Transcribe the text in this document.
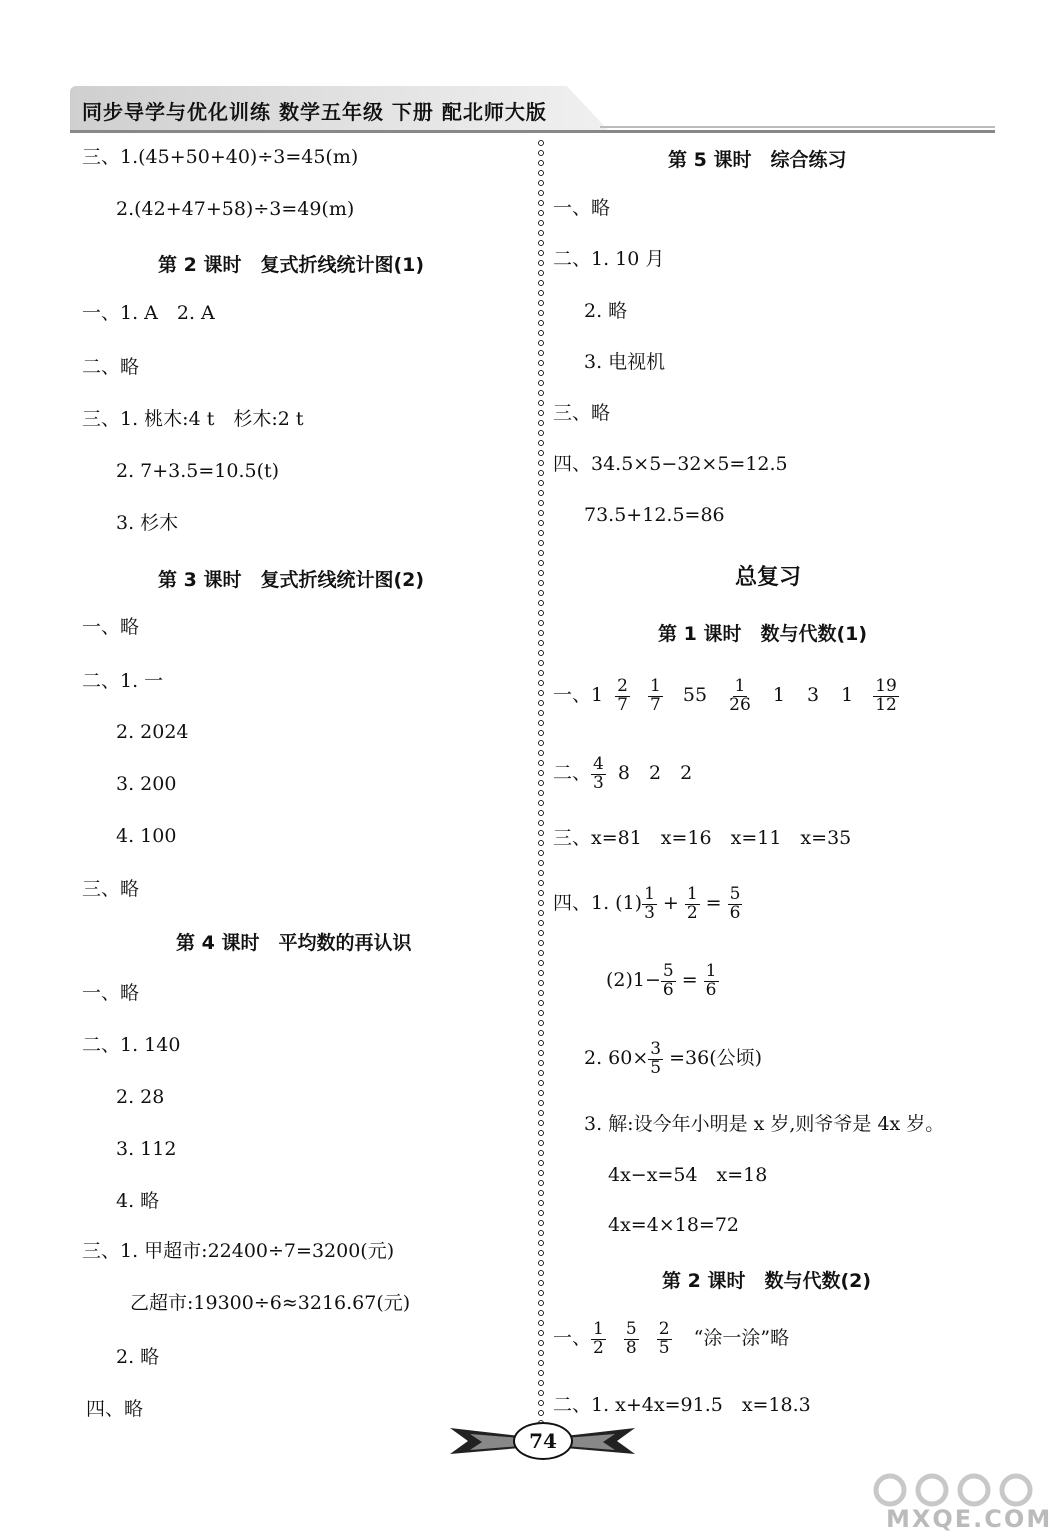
同步导学与优化训练 数学五年级 下册 配北师大版
三、1.(45+50+40)÷3=45(m)
2.(42+47+58)÷3=49(m)
第 2 课时　复式折线统计图(1)
一、1. A　2. A
二、略
三、1. 桃木:4 t　杉木:2 t
2. 7+3.5=10.5(t)
3. 杉木
第 3 课时　复式折线统计图(2)
一、略
二、1. 一
2. 2024
3. 200
4. 100
三、略
第 4 课时　平均数的再认识
一、略
二、1. 140
2. 28
3. 112
4. 略
三、1. 甲超市:22400÷7=3200(元)
乙超市:19300÷6≈3216.67(元)
2. 略
四、略
第 5 课时　综合练习
一、略
二、1. 10 月
2. 略
3. 电视机
三、略
四、34.5×5−32×5=12.5
73.5+12.5=86
总复习
第 1 课时　数与代数(1)
一、$1 \frac{2}{7}$
$\frac{1}{7} 55 \frac{1}{26} 1$ 3 $1 \frac{19}{12}$
二、 $\frac{4}{3} 8$　2　2
三、x=81　x=16　x=11　x=35
四、1. $(1) \frac{1}{3} + \frac{1}{2} = \frac{5}{6}$
$(2)1- \frac{5}{6} = \frac{1}{6}$
2. $60\times \frac{3}{5} =36$(公顷)
3. 解:设今年小明是 x 岁,则爷爷是 4x 岁。
4x−x=54　x=18
4x=4×18=72
第 2 课时　数与代数(2)
一、 $\frac{1}{2}$
$\frac{5}{8}$
$\frac{2}{5}$ “涂一涂”略
二、1. x+4x=91.5　x=18.3
74
MXQE.COM
